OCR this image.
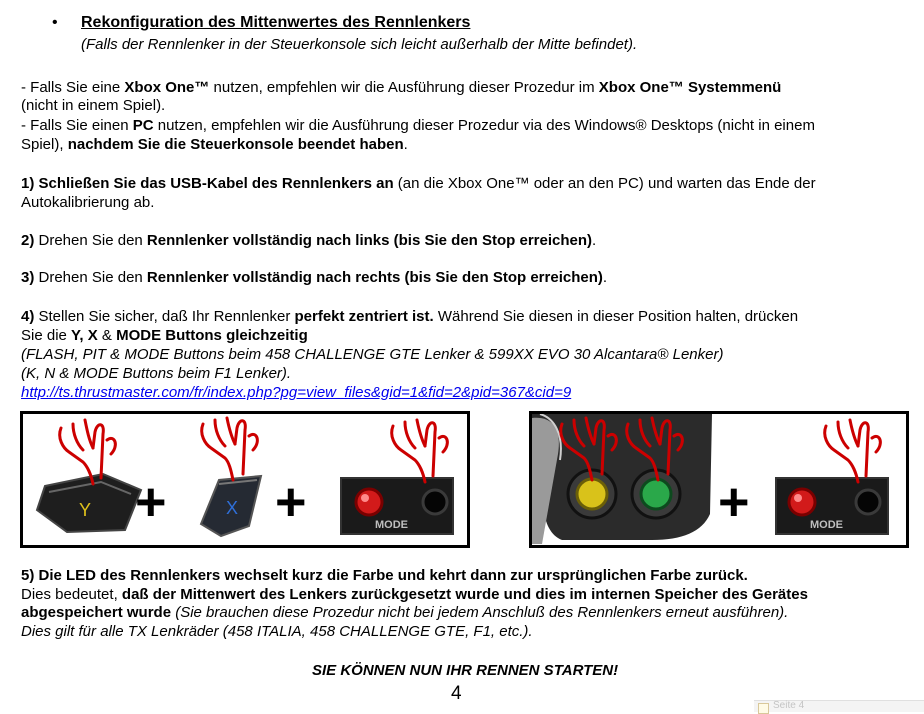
• Rekonfiguration des Mittenwertes des Rennlenkers
(Falls der Rennlenker in der Steuerkonsole sich leicht außerhalb der Mitte befindet).
- Falls Sie eine Xbox One™ nutzen, empfehlen wir die Ausführung dieser Prozedur im Xbox One™ Systemmenü
(nicht in einem Spiel).
- Falls Sie einen PC nutzen, empfehlen wir die Ausführung dieser Prozedur via des Windows® Desktops (nicht in einem
Spiel), nachdem Sie die Steuerkonsole beendet haben.
1) Schließen Sie das USB-Kabel des Rennlenkers an (an die Xbox One™ oder an den PC) und warten das Ende der
Autokalibrierung ab.
2) Drehen Sie den Rennlenker vollständig nach links (bis Sie den Stop erreichen).
3) Drehen Sie den Rennlenker vollständig nach rechts (bis Sie den Stop erreichen).
4) Stellen Sie sicher, daß Ihr Rennlenker perfekt zentriert ist. Während Sie diesen in dieser Position halten, drücken
Sie die Y, X & MODE Buttons gleichzeitig
(FLASH, PIT & MODE Buttons beim 458 CHALLENGE GTE Lenker & 599XX EVO 30 Alcantara® Lenker)
(K, N & MODE Buttons beim F1 Lenker).
http://ts.thrustmaster.com/fr/index.php?pg=view_files&gid=1&fid=2&pid=367&cid=9
Y +	X +	MODE	+	MODE
5) Die LED des Rennlenkers wechselt kurz die Farbe und kehrt dann zur ursprünglichen Farbe zurück.
Dies bedeutet, daß der Mittenwert des Lenkers zurückgesetzt wurde und dies im internen Speicher des Gerätes
abgespeichert wurde (Sie brauchen diese Prozedur nicht bei jedem Anschluß des Rennlenkers erneut ausführen).
Dies gilt für alle TX Lenkräder (458 ITALIA, 458 CHALLENGE GTE, F1, etc.).
SIE KÖNNEN NUN IHR RENNEN STARTEN!
4
Seite 4
